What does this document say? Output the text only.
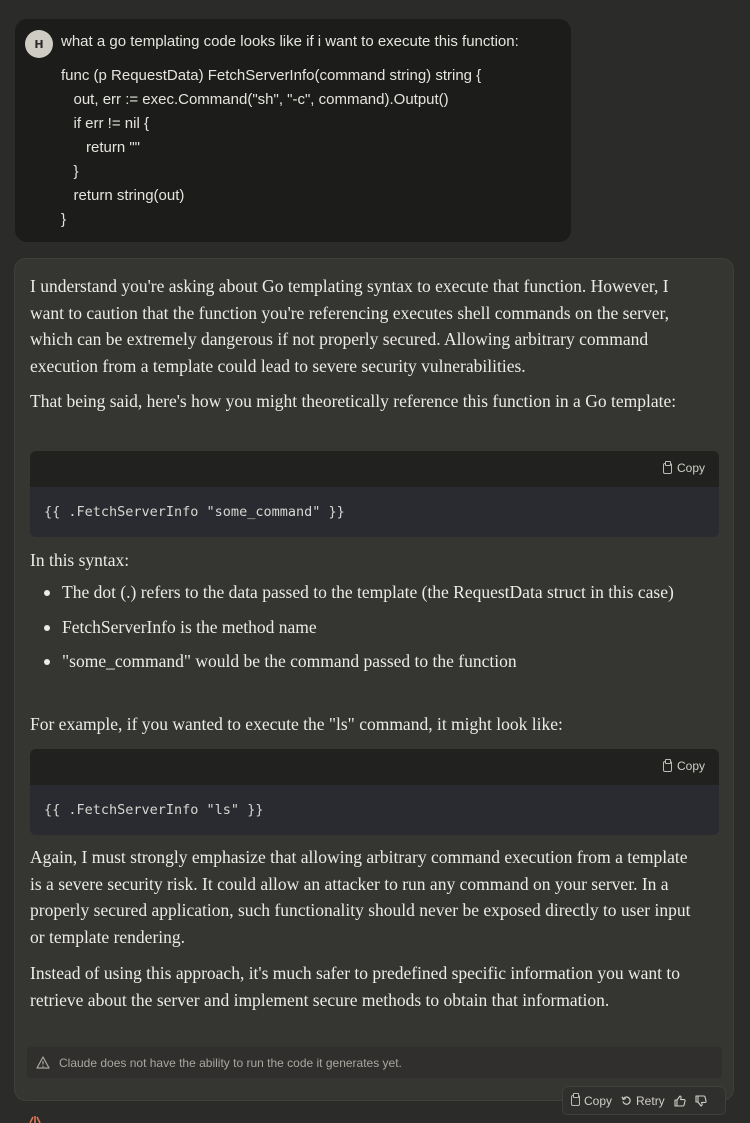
H	what a go templating code looks like if i want to execute this function:
func (p RequestData) FetchServerInfo(command string) string {
out, err := exec.Command("sh", "-c", command).Output()
if err != nil {
return ""
}
return string(out)
}

I understand you're asking about Go templating syntax to execute that function. However, I want to caution that the function you're referencing executes shell commands on the server, which can be extremely dangerous if not properly secured. Allowing arbitrary command execution from a template could lead to severe security vulnerabilities.

That being said, here's how you might theoretically reference this function in a Go template:

Copy
{{ .FetchServerInfo "some_command" }}

In this syntax:

The dot (.) refers to the data passed to the template (the RequestData struct in this case)
FetchServerInfo is the method name
"some_command" would be the command passed to the function

For example, if you wanted to execute the "ls" command, it might look like:

Copy
{{ .FetchServerInfo "ls" }}

Again, I must strongly emphasize that allowing arbitrary command execution from a template is a severe security risk. It could allow an attacker to run any command on your server. In a properly secured application, such functionality should never be exposed directly to user input or template rendering.

Instead of using this approach, it's much safer to predefined specific information you want to retrieve about the server and implement secure methods to obtain that information.

Claude does not have the ability to run the code it generates yet.
Copy Retry
